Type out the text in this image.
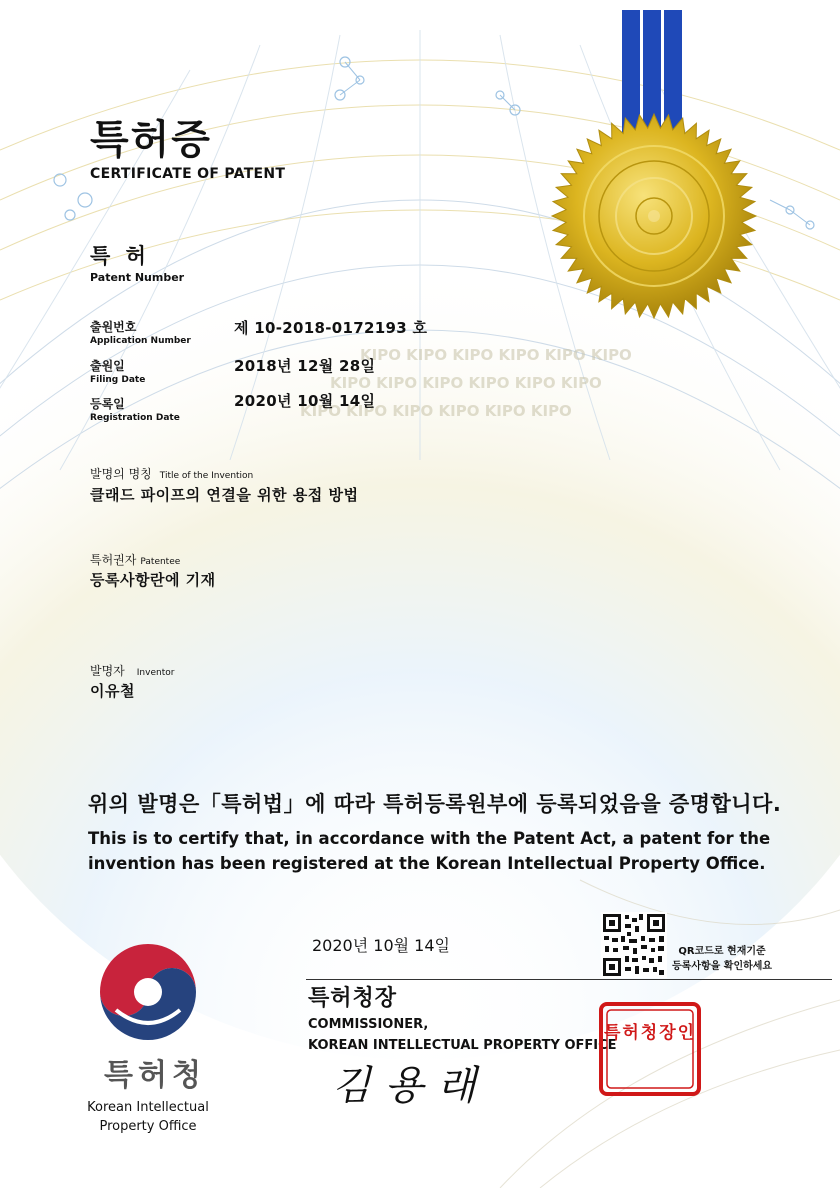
KIPO KIPO KIPO KIPO KIPO KIPO
KIPO KIPO KIPO KIPO KIPO KIPO
KIPO KIPO KIPO KIPO KIPO KIPO
특허증
CERTIFICATE OF PATENT
특 허
Patent Number
출원번호
Application Number
제 10-2018-0172193 호
출원일
Filing Date
2018년 12월 28일
등록일
Registration Date
2020년 10월 14일
발명의 명칭 Title of the Invention
클래드 파이프의 연결을 위한 용접 방법
특허권자 Patentee
등록사항란에 기재
발명자 Inventor
이유철
위의 발명은「특허법」에 따라 특허등록원부에 등록되었음을 증명합니다.
This is to certify that, in accordance with the Patent Act, a patent for the invention has been registered at the Korean Intellectual Property Office.
2020년 10월 14일	QR코드로 현재기준
등록사항을 확인하세요
특허청장
COMMISSIONER,
KOREAN INTELLECTUAL PROPERTY OFFICE
김용래
특허청장인
특허청
Korean Intellectual
Property Office
